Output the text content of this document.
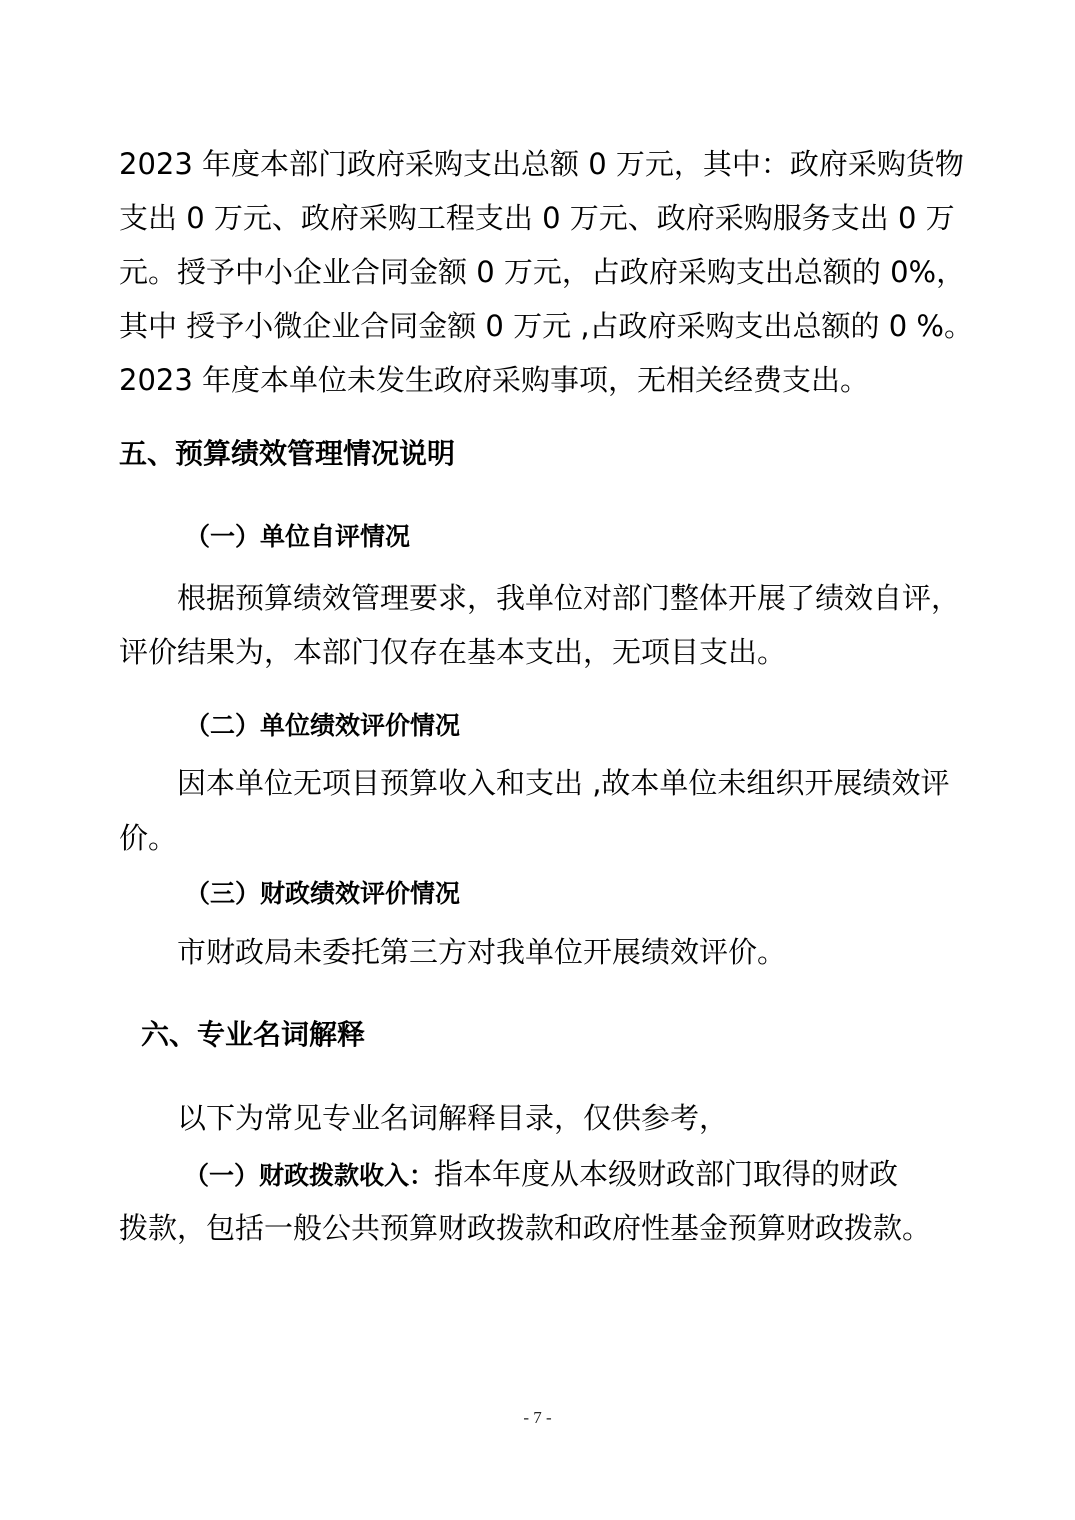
2023 年度本部门政府采购支出总额 0 万元，其中：政府采购货物
支出 0 万元、政府采购工程支出 0 万元、政府采购服务支出 0 万
元。授予中小企业合同金额 0 万元，占政府采购支出总额的 0%，
其中 授予小微企业合同金额 0 万元 ,占政府采购支出总额的 0 %。
2023 年度本单位未发生政府采购事项，无相关经费支出。
五、预算绩效管理情况说明
（一）单位自评情况
根据预算绩效管理要求，我单位对部门整体开展了绩效自评，
评价结果为，本部门仅存在基本支出，无项目支出。
（二）单位绩效评价情况
因本单位无项目预算收入和支出 ,故本单位未组织开展绩效评
价。
（三）财政绩效评价情况
市财政局未委托第三方对我单位开展绩效评价。
六、专业名词解释
以下为常见专业名词解释目录，仅供参考，
（一）财政拨款收入：指本年度从本级财政部门取得的财政
拨款，包括一般公共预算财政拨款和政府性基金预算财政拨款。
- 7 -
